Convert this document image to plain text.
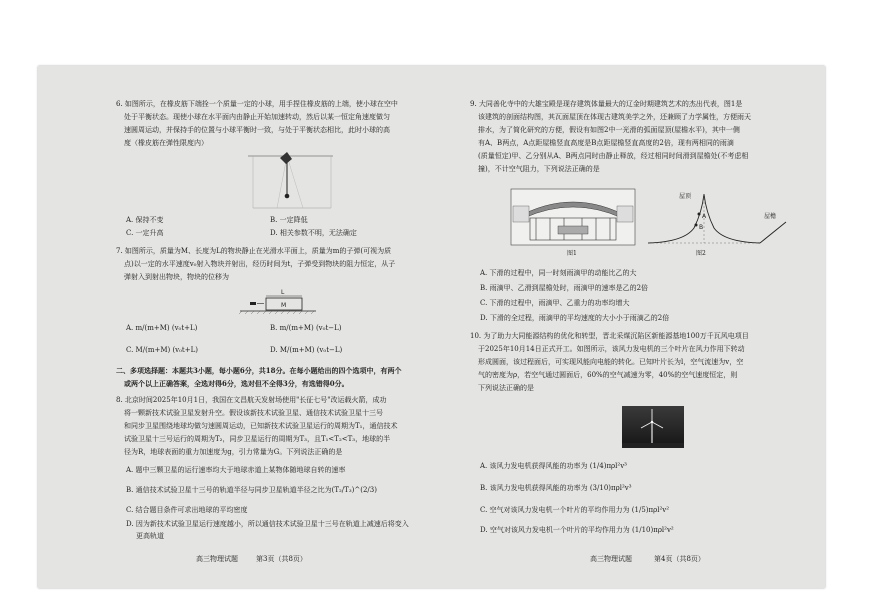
6. 如图所示，在橡皮筋下端拴一个质量一定的小球，用手捏住橡皮筋的上端，使小球在空中
处于平衡状态。现使小球在水平面内由静止开始加速转动，然后以某一恒定角速度做匀
速圆周运动，并保持手的位置与小球平衡时一致，与处于平衡状态相比，此时小球的高
度（橡皮筋在弹性限度内）
A. 保持不变	B. 一定降低
C. 一定升高	D. 相关参数不明，无法确定
7. 如图所示，质量为M、长度为L的物块静止在光滑水平面上，质量为m的子弹(可视为质
点)以一定的水平速度v₀射入物块并射出，经历时间为t，子弹受到物块的阻力恒定，从子
弹射入到射出物块，物块的位移为
L
M
A. m/(m+M) (v₀t+L)	B. m/(m+M) (v₀t−L)
C. M/(m+M) (v₀t+L)	D. M/(m+M) (v₀t−L)
二、多项选择题：本题共3小题，每小题6分，共18分。在每小题给出的四个选项中，有两个
或两个以上正确答案，全选对得6分，选对但不全得3分，有选错得0分。
8. 北京时间2025年10月1日，我国在文昌航天发射场使用"长征七号"改运载火箭，成功
将一颗新技术试验卫星发射升空。假设该新技术试验卫星、通信技术试验卫星十三号
和同步卫星围绕地球均做匀速圆周运动，已知新技术试验卫星运行的周期为T₁，通信技术
试验卫星十三号运行的周期为T₂，同步卫星运行的周期为T₃，且T₁<T₂<T₃，地球的半
径为R，地球表面的重力加速度为g，引力常量为G。下列说法正确的是
A. 题中三颗卫星的运行速率均大于地球赤道上某物体随地球自转的速率
B. 通信技术试验卫星十三号的轨道半径与同步卫星轨道半径之比为(T₂/T₃)^(2/3)
C. 结合题目条件可求出地球的平均密度
D. 因为新技术试验卫星运行速度越小，所以通信技术试验卫星十三号在轨道上减速后将变入
更高轨道
高三物理试题	第3页（共8页）
9. 大同善化寺中的大雄宝殿是现存建筑体量最大的辽金时期建筑艺术的杰出代表，图1是
该建筑的剖面结构图，其瓦面屋顶在体现古建筑美学之外，还兼顾了力学属性，方便雨天
排水，为了简化研究的方便，假设有如图2中一光滑的弧面屋顶(屋檐水平)，其中一侧
有A、B两点，A点距屋檐竖直高度是B点距屋檐竖直高度的2倍，现有两相同的雨滴
(质量恒定)甲、乙分别从A、B两点同时由静止释放，经过相同时间滑到屋檐处(不考虑相
撞)，不计空气阻力，下列说法正确的是
图1
A
B
屋顶
屋檐
图2
A. 下滑的过程中，同一时刻雨滴甲的动能比乙的大
B. 雨滴甲、乙滑到屋檐处时，雨滴甲的速率是乙的2倍
C. 下滑的过程中，雨滴甲、乙重力的功率均增大
D. 下滑的全过程，雨滴甲的平均速度的大小小于雨滴乙的2倍
10. 为了助力大同能源结构的优化和转型，晋北采煤沉陷区新能源基地100万千瓦风电项目
于2025年10月14日正式开工。如图所示，该风力发电机的三个叶片在风力作用下转动
形成圆面，该过程面后，可实现风能向电能的转化。已知叶片长为l，空气流速为v，空
气的密度为ρ，若空气通过圆面后，60%的空气减速为零，40%的空气速度恒定，则
下列说法正确的是
A. 该风力发电机获得风能的功率为 (1/4)πρl²v³
B. 该风力发电机获得风能的功率为 (3/10)πρl²v³
C. 空气对该风力发电机一个叶片的平均作用力为 (1/5)πρl²v²
D. 空气对该风力发电机一个叶片的平均作用力为 (1/10)πρl²v²
高三物理试题	第4页（共8页）
